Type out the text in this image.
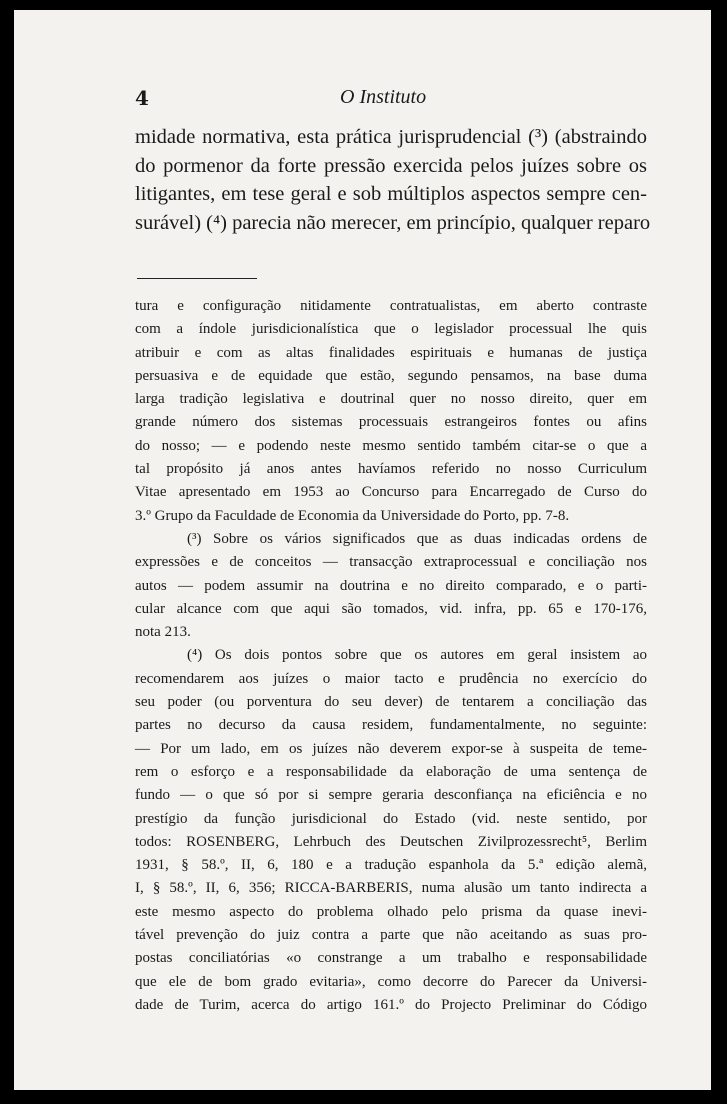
4	O Instituto
midade normativa, esta prática jurisprudencial (³) (abstraindo
do pormenor da forte pressão exercida pelos juízes sobre os
litigantes, em tese geral e sob múltiplos aspectos sempre cen-
surável) (⁴) parecia não merecer, em princípio, qualquer reparo
tura e configuração nitidamente contratualistas, em aberto contraste
com a índole jurisdicionalística que o legislador processual lhe quis
atribuir e com as altas finalidades espirituais e humanas de justiça
persuasiva e de equidade que estão, segundo pensamos, na base duma
larga tradição legislativa e doutrinal quer no nosso direito, quer em
grande número dos sistemas processuais estrangeiros fontes ou afins
do nosso; — e podendo neste mesmo sentido também citar-se o que a
tal propósito já anos antes havíamos referido no nosso Curriculum
Vitae apresentado em 1953 ao Concurso para Encarregado de Curso do
3.º Grupo da Faculdade de Economia da Universidade do Porto, pp. 7-8.
(³) Sobre os vários significados que as duas indicadas ordens de
expressões e de conceitos — transacção extraprocessual e conciliação nos
autos — podem assumir na doutrina e no direito comparado, e o parti-
cular alcance com que aqui são tomados, vid. infra, pp. 65 e 170-176,
nota 213.
(⁴) Os dois pontos sobre que os autores em geral insistem ao
recomendarem aos juízes o maior tacto e prudência no exercício do
seu poder (ou porventura do seu dever) de tentarem a conciliação das
partes no decurso da causa residem, fundamentalmente, no seguinte:
— Por um lado, em os juízes não deverem expor-se à suspeita de teme-
rem o esforço e a responsabilidade da elaboração de uma sentença de
fundo — o que só por si sempre geraria desconfiança na eficiência e no
prestígio da função jurisdicional do Estado (vid. neste sentido, por
todos: ROSENBERG, Lehrbuch des Deutschen Zivilprozessrecht⁵, Berlim
1931, § 58.º, II, 6, 180 e a tradução espanhola da 5.ª edição alemã,
I, § 58.º, II, 6, 356; RICCA-BARBERIS, numa alusão um tanto indirecta a
este mesmo aspecto do problema olhado pelo prisma da quase inevi-
tável prevenção do juiz contra a parte que não aceitando as suas pro-
postas conciliatórias «o constrange a um trabalho e responsabilidade
que ele de bom grado evitaria», como decorre do Parecer da Universi-
dade de Turim, acerca do artigo 161.º do Projecto Preliminar do Código
